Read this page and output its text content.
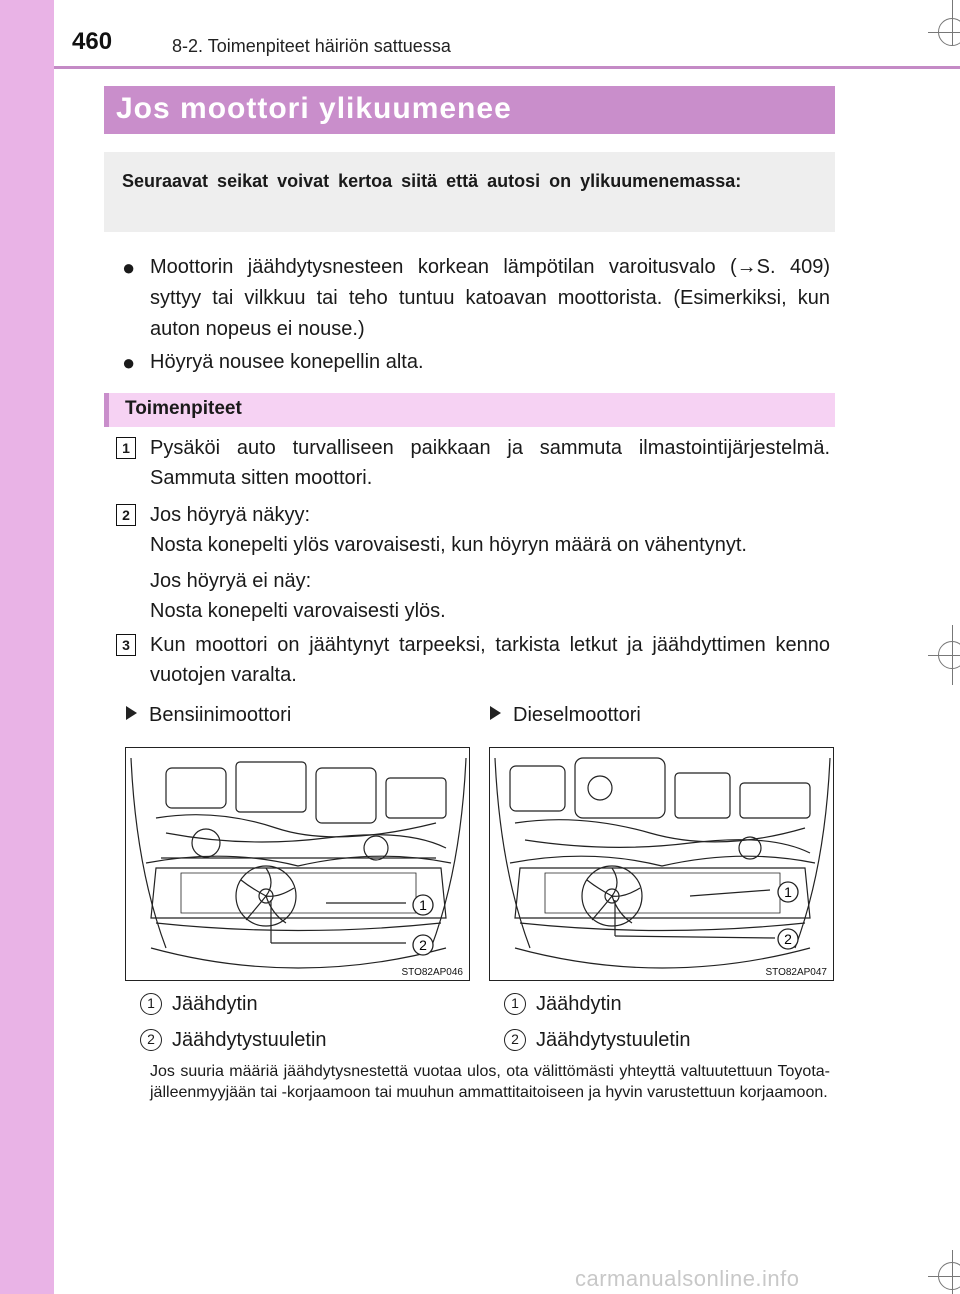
460	8-2. Toimenpiteet häiriön sattuessa
Jos moottori ylikuumenee
Seuraavat seikat voivat kertoa siitä että autosi on ylikuumenemassa:
● Moottorin jäähdytysnesteen korkean lämpötilan varoitusvalo (→S. 409) syttyy tai vilkkuu tai teho tuntuu katoavan moottorista. (Esimerkiksi, kun auton nopeus ei nouse.)
● Höyryä nousee konepellin alta.
Toimenpiteet
1	Pysäköi auto turvalliseen paikkaan ja sammuta ilmastointijärjestelmä. Sammuta sitten moottori.
2	Jos höyryä näkyy:
Nosta konepelti ylös varovaisesti, kun höyryn määrä on vähentynyt.
Jos höyryä ei näy:
Nosta konepelti varovaisesti ylös.
3	Kun moottori on jäähtynyt tarpeeksi, tarkista letkut ja jäähdyttimen kenno vuotojen varalta.
Bensiinimoottori	Dieselmoottori
1
2
STO82AP046
1
2
STO82AP047
1 Jäähdytin
2 Jäähdytystuuletin
1 Jäähdytin
2 Jäähdytystuuletin
Jos suuria määriä jäähdytysnestettä vuotaa ulos, ota välittömästi yhteyttä valtuutettuun Toyota-jälleenmyyjään tai -korjaamoon tai muuhun ammattitaitoiseen ja hyvin varustettuun korjaamoon.
carmanualsonline.info
